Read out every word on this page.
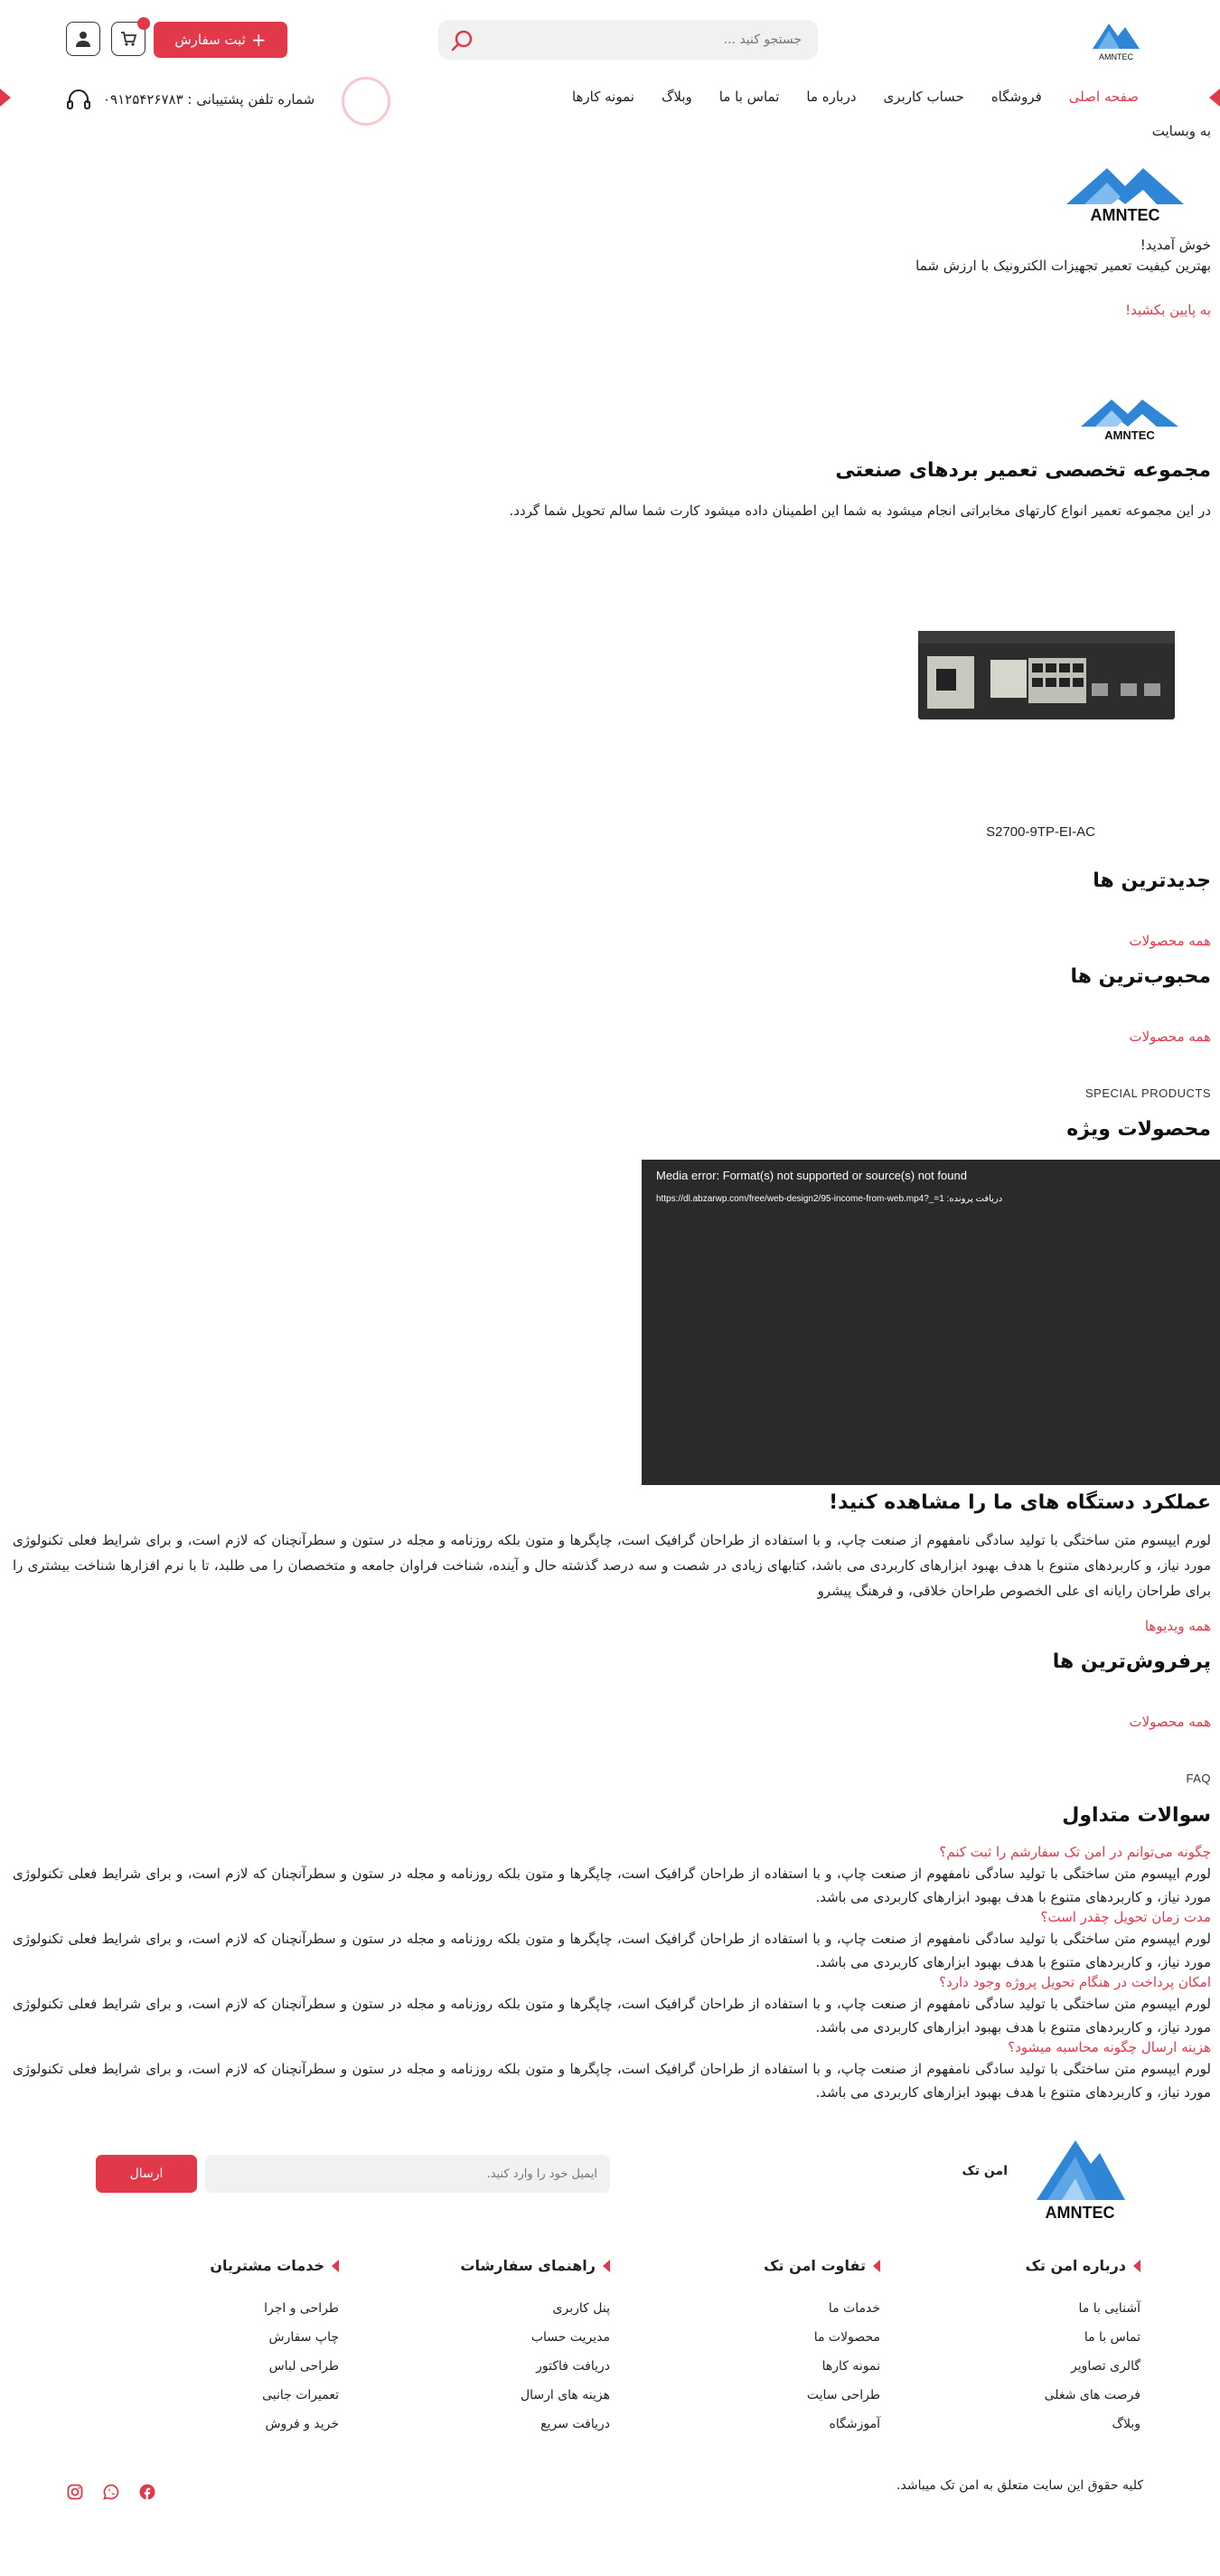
AMNTEC
جستجو کنید ...
+
ثبت سفارش
صفحه اصلی
فروشگاه
حساب کاربری
درباره ما
تماس با ما
وبلاگ
نمونه کارها
شماره تلفن پشتیبانی : ۰۹۱۲۵۴۲۶۷۸۳
به وبسایت
AMNTEC
خوش آمدید!
بهترین کیفیت تعمیر تجهیزات الکترونیک با ارزش شما
به پایین بکشید!
AMNTEC
مجموعه تخصصی تعمیر بردهای صنعتی
در این مجموعه تعمیر انواع کارتهای مخابراتی انجام میشود به شما این اطمینان داده میشود کارت شما سالم تحویل شما گردد.
S2700-9TP-EI-AC
جدیدترین ها
همه محصولات
محبوب‌ترین ها
همه محصولات
SPECIAL PRODUCTS
محصولات ویژه
Media error: Format(s) not supported or source(s) not found
https://dl.abzarwp.com/free/web-design2/95-income-from-web.mp4?_=1 :دریافت پرونده
عملکرد دستگاه های ما را مشاهده کنید!
لورم ایپسوم متن ساختگی با تولید سادگی نامفهوم از صنعت چاپ، و با استفاده از طراحان گرافیک است، چاپگرها و متون بلکه روزنامه و مجله در ستون و سطرآنچنان که لازم است، و برای شرایط فعلی تکنولوژی مورد نیاز، و کاربردهای متنوع با هدف بهبود ابزارهای کاربردی می باشد، کتابهای زیادی در شصت و سه درصد گذشته حال و آینده، شناخت فراوان جامعه و متخصصان را می طلبد، تا با نرم افزارها شناخت بیشتری را برای طراحان رایانه ای علی الخصوص طراحان خلاقی، و فرهنگ پیشرو
همه ویدیوها
پرفروش‌ترین ها
همه محصولات
FAQ
سوالات متداول
چگونه می‌توانم در امن تک سفارشم را ثبت کنم؟
لورم ایپسوم متن ساختگی با تولید سادگی نامفهوم از صنعت چاپ، و با استفاده از طراحان گرافیک است، چاپگرها و متون بلکه روزنامه و مجله در ستون و سطرآنچنان که لازم است، و برای شرایط فعلی تکنولوژی مورد نیاز، و کاربردهای متنوع با هدف بهبود ابزارهای کاربردی می باشد.
مدت زمان تحویل چقدر است؟
لورم ایپسوم متن ساختگی با تولید سادگی نامفهوم از صنعت چاپ، و با استفاده از طراحان گرافیک است، چاپگرها و متون بلکه روزنامه و مجله در ستون و سطرآنچنان که لازم است، و برای شرایط فعلی تکنولوژی مورد نیاز، و کاربردهای متنوع با هدف بهبود ابزارهای کاربردی می باشد.
امکان پرداخت در هنگام تحویل پروژه وجود دارد؟
لورم ایپسوم متن ساختگی با تولید سادگی نامفهوم از صنعت چاپ، و با استفاده از طراحان گرافیک است، چاپگرها و متون بلکه روزنامه و مجله در ستون و سطرآنچنان که لازم است، و برای شرایط فعلی تکنولوژی مورد نیاز، و کاربردهای متنوع با هدف بهبود ابزارهای کاربردی می باشد.
هزینه ارسال چگونه محاسبه میشود؟
لورم ایپسوم متن ساختگی با تولید سادگی نامفهوم از صنعت چاپ، و با استفاده از طراحان گرافیک است، چاپگرها و متون بلکه روزنامه و مجله در ستون و سطرآنچنان که لازم است، و برای شرایط فعلی تکنولوژی مورد نیاز، و کاربردهای متنوع با هدف بهبود ابزارهای کاربردی می باشد.
AMNTEC
امن تک
ایمیل خود را وارد کنید.
ارسال
درباره امن تک
آشنایی با ما
تماس با ما
گالری تصاویر
فرصت های شغلی
وبلاگ
تفاوت امن تک
خدمات ما
محصولات ما
نمونه کارها
طراحی سایت
آموزشگاه
راهنمای سفارشات
پنل کاربری
مدیریت حساب
دریافت فاکتور
هزینه های ارسال
دریافت سریع
خدمات مشتریان
طراحی و اجرا
چاپ سفارش
طراحی لباس
تعمیرات جانبی
خرید و فروش
کلیه حقوق این سایت متعلق به امن تک میباشد.
